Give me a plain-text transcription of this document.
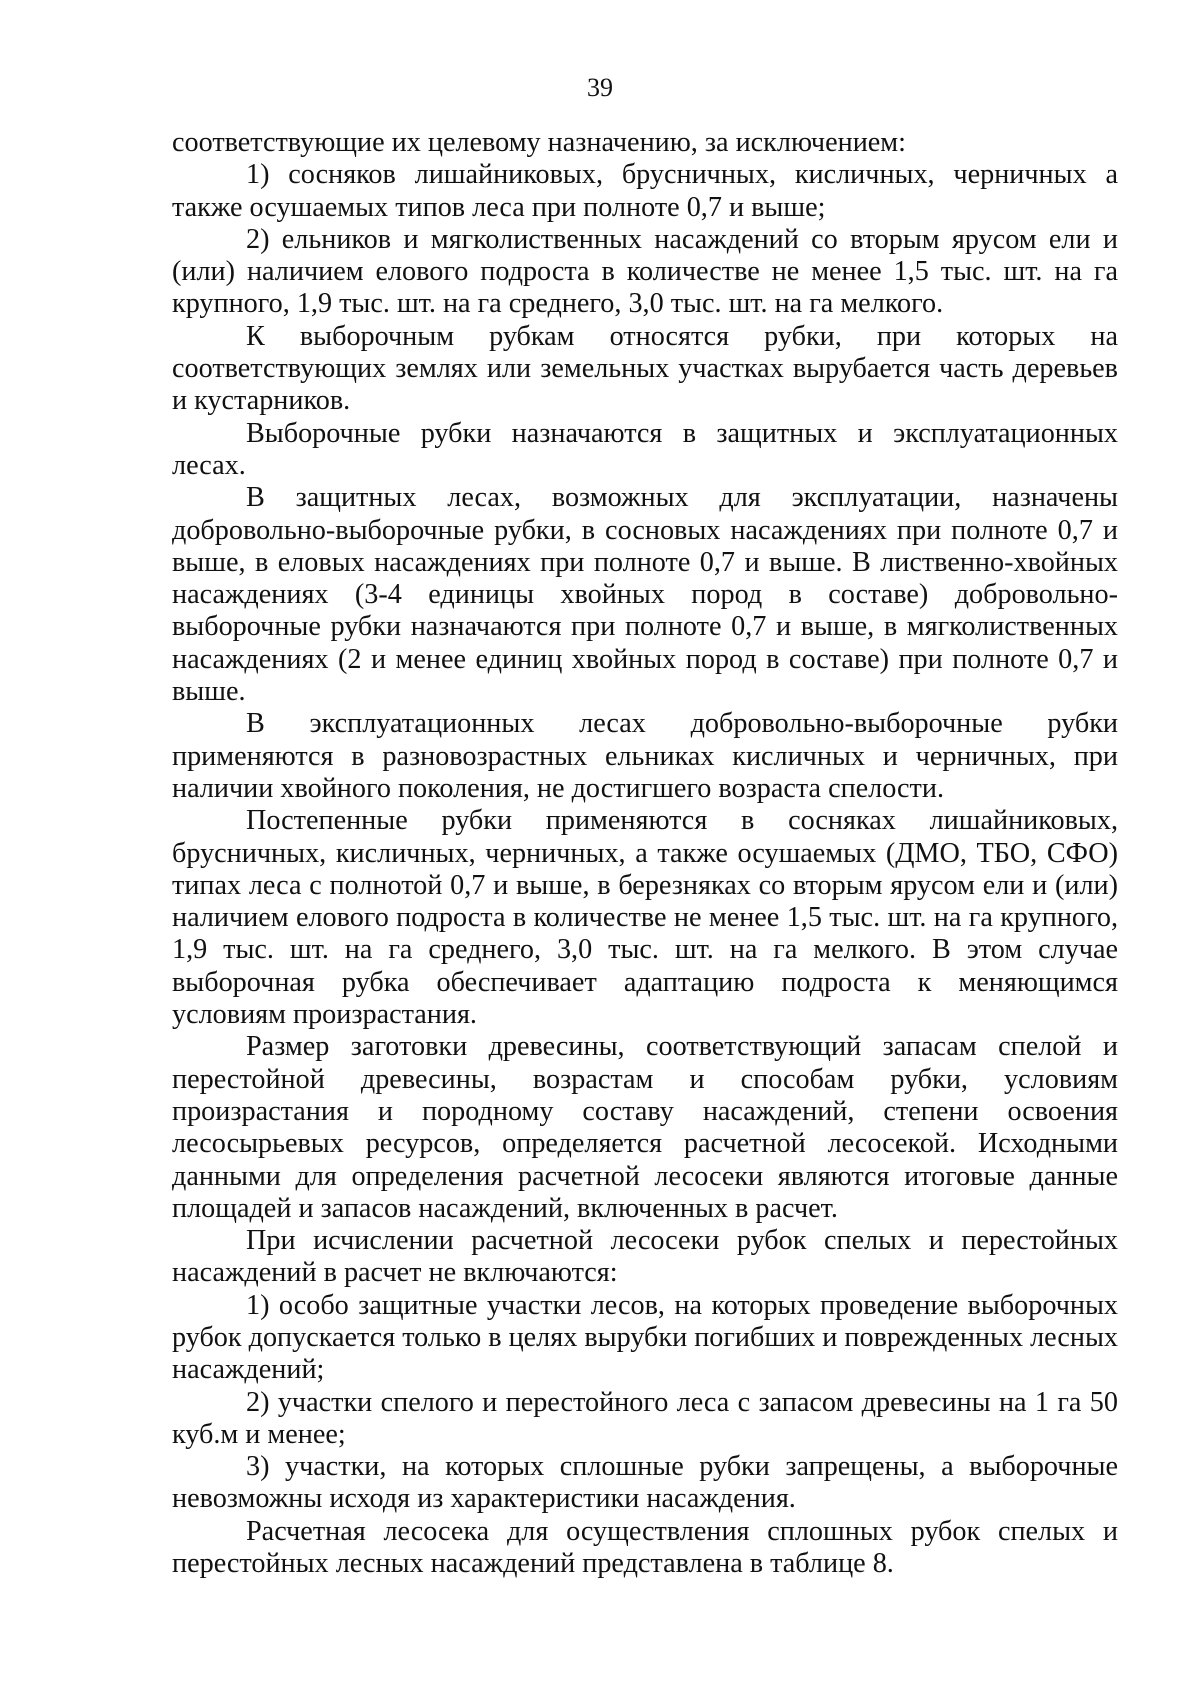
39

соответствующие их целевому назначению, за исключением:

1) сосняков лишайниковых, брусничных, кисличных, черничных а также осушаемых типов леса при полноте 0,7 и выше;

2) ельников и мягколиственных насаждений со вторым ярусом ели и (или) наличием елового подроста в количестве не менее 1,5 тыс. шт. на га крупного, 1,9 тыс. шт. на га среднего, 3,0 тыс. шт. на га мелкого.

К выборочным рубкам относятся рубки, при которых на соответствующих землях или земельных участках вырубается часть деревьев и кустарников.

Выборочные рубки назначаются в защитных и эксплуатационных лесах.

В защитных лесах, возможных для эксплуатации, назначены добровольно-выборочные рубки, в сосновых насаждениях при полноте 0,7 и выше, в еловых насаждениях при полноте 0,7 и выше. В лиственно-хвойных насаждениях (3-4 единицы хвойных пород в составе) добровольно-выборочные рубки назначаются при полноте 0,7 и выше, в мягколиственных насаждениях (2 и менее единиц хвойных пород в составе) при полноте 0,7 и выше.

В эксплуатационных лесах добровольно-выборочные рубки применяются в разновозрастных ельниках кисличных и черничных, при наличии хвойного поколения, не достигшего возраста спелости.

Постепенные рубки применяются в сосняках лишайниковых, брусничных, кисличных, черничных, а также осушаемых (ДМО, ТБО, СФО) типах леса с полнотой 0,7 и выше, в березняках со вторым ярусом ели и (или) наличием елового подроста в количестве не менее 1,5 тыс. шт. на га крупного, 1,9 тыс. шт. на га среднего, 3,0 тыс. шт. на га мелкого. В этом случае выборочная рубка обеспечивает адаптацию подроста к меняющимся условиям произрастания.

Размер заготовки древесины, соответствующий запасам спелой и перестойной древесины, возрастам и способам рубки, условиям произрастания и породному составу насаждений, степени освоения лесосырьевых ресурсов, определяется расчетной лесосекой. Исходными данными для определения расчетной лесосеки являются итоговые данные площадей и запасов насаждений, включенных в расчет.

При исчислении расчетной лесосеки рубок спелых и перестойных насаждений в расчет не включаются:

1) особо защитные участки лесов, на которых проведение выборочных рубок допускается только в целях вырубки погибших и поврежденных лесных насаждений;

2) участки спелого и перестойного леса с запасом древесины на 1 га 50 куб.м и менее;

3) участки, на которых сплошные рубки запрещены, а выборочные невозможны исходя из характеристики насаждения.

Расчетная лесосека для осуществления сплошных рубок спелых и перестойных лесных насаждений представлена в таблице 8.
